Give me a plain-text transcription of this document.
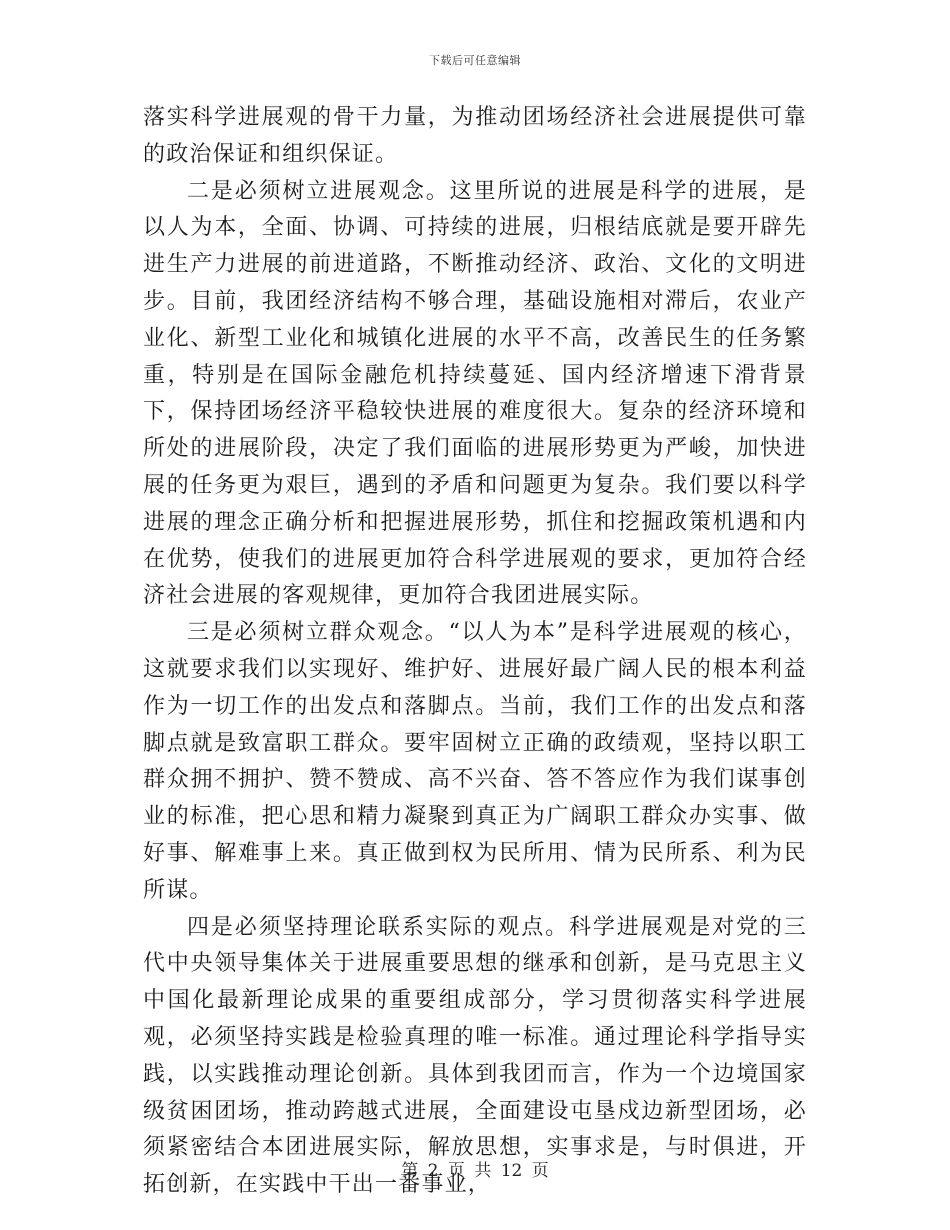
下载后可任意编辑

落实科学进展观的骨干力量，为推动团场经济社会进展提供可靠的政治保证和组织保证。

二是必须树立进展观念。这里所说的进展是科学的进展，是以人为本，全面、协调、可持续的进展，归根结底就是要开辟先进生产力进展的前进道路，不断推动经济、政治、文化的文明进步。目前，我团经济结构不够合理，基础设施相对滞后，农业产业化、新型工业化和城镇化进展的水平不高，改善民生的任务繁重，特别是在国际金融危机持续蔓延、国内经济增速下滑背景下，保持团场经济平稳较快进展的难度很大。复杂的经济环境和所处的进展阶段，决定了我们面临的进展形势更为严峻，加快进展的任务更为艰巨，遇到的矛盾和问题更为复杂。我们要以科学进展的理念正确分析和把握进展形势，抓住和挖掘政策机遇和内在优势，使我们的进展更加符合科学进展观的要求，更加符合经济社会进展的客观规律，更加符合我团进展实际。

三是必须树立群众观念。“以人为本”是科学进展观的核心，这就要求我们以实现好、维护好、进展好最广阔人民的根本利益作为一切工作的出发点和落脚点。当前，我们工作的出发点和落脚点就是致富职工群众。要牢固树立正确的政绩观，坚持以职工群众拥不拥护、赞不赞成、高不兴奋、答不答应作为我们谋事创业的标准，把心思和精力凝聚到真正为广阔职工群众办实事、做好事、解难事上来。真正做到权为民所用、情为民所系、利为民所谋。

四是必须坚持理论联系实际的观点。科学进展观是对党的三代中央领导集体关于进展重要思想的继承和创新，是马克思主义中国化最新理论成果的重要组成部分，学习贯彻落实科学进展观，必须坚持实践是检验真理的唯一标准。通过理论科学指导实践，以实践推动理论创新。具体到我团而言，作为一个边境国家级贫困团场，推动跨越式进展，全面建设屯垦戍边新型团场，必须紧密结合本团进展实际，解放思想，实事求是，与时俱进，开拓创新，在实践中干出一番事业，

第 2 页 共 12 页
